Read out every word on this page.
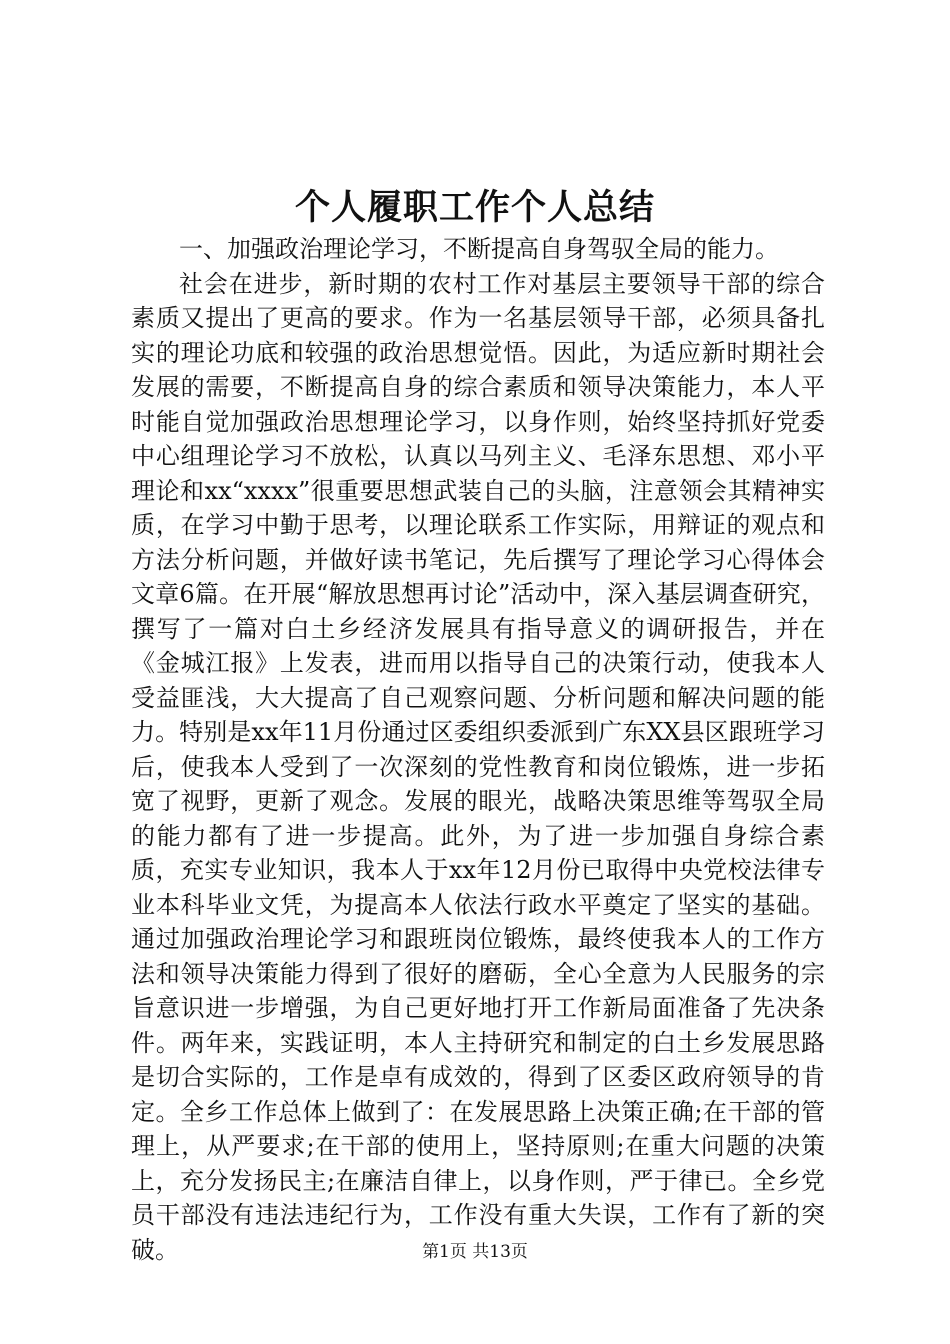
个人履职工作个人总结

一、加强政治理论学习，不断提高自身驾驭全局的能力。

社会在进步，新时期的农村工作对基层主要领导干部的综合素质又提出了更高的要求。作为一名基层领导干部，必须具备扎实的理论功底和较强的政治思想觉悟。因此，为适应新时期社会发展的需要，不断提高自身的综合素质和领导决策能力，本人平时能自觉加强政治思想理论学习，以身作则，始终坚持抓好党委中心组理论学习不放松，认真以马列主义、毛泽东思想、邓小平理论和xx“xxxx”很重要思想武装自己的头脑，注意领会其精神实质，在学习中勤于思考，以理论联系工作实际，用辩证的观点和方法分析问题，并做好读书笔记，先后撰写了理论学习心得体会文章6篇。在开展“解放思想再讨论”活动中，深入基层调查研究，撰写了一篇对白土乡经济发展具有指导意义的调研报告，并在《金城江报》上发表，进而用以指导自己的决策行动，使我本人受益匪浅，大大提高了自己观察问题、分析问题和解决问题的能力。特别是xx年11月份通过区委组织委派到广东XX县区跟班学习后，使我本人受到了一次深刻的党性教育和岗位锻炼，进一步拓宽了视野，更新了观念。发展的眼光，战略决策思维等驾驭全局的能力都有了进一步提高。此外，为了进一步加强自身综合素质，充实专业知识，我本人于xx年12月份已取得中央党校法律专业本科毕业文凭，为提高本人依法行政水平奠定了坚实的基础。通过加强政治理论学习和跟班岗位锻炼，最终使我本人的工作方法和领导决策能力得到了很好的磨砺，全心全意为人民服务的宗旨意识进一步增强，为自己更好地打开工作新局面准备了先决条件。两年来，实践证明，本人主持研究和制定的白土乡发展思路是切合实际的，工作是卓有成效的，得到了区委区政府领导的肯定。全乡工作总体上做到了：在发展思路上决策正确;在干部的管理上，从严要求;在干部的使用上，坚持原则;在重大问题的决策上，充分发扬民主;在廉洁自律上，以身作则，严于律已。全乡党员干部没有违法违纪行为，工作没有重大失误，工作有了新的突破。	第1页 共13页
